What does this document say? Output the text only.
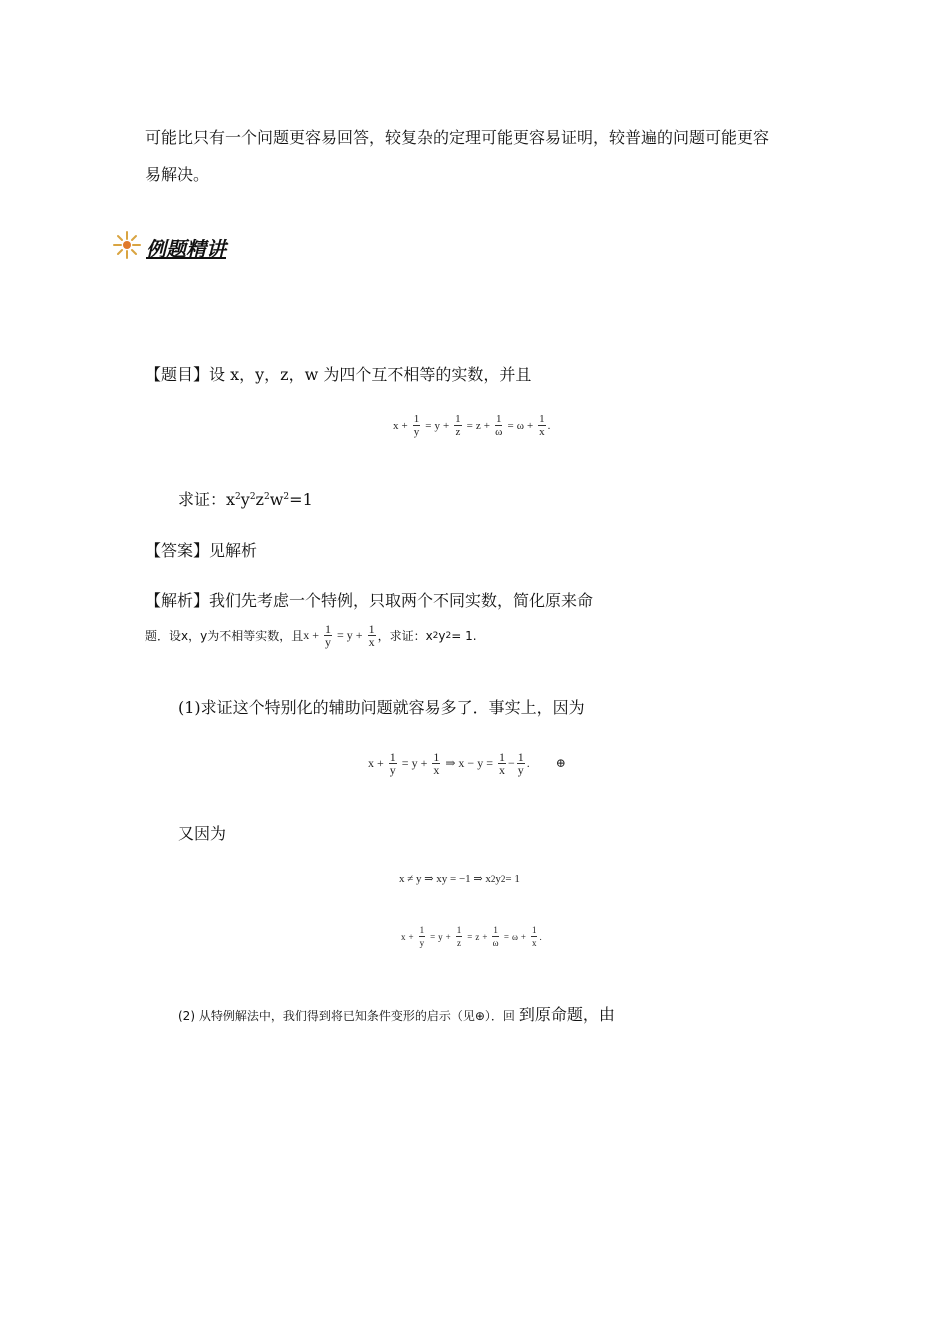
可能比只有一个问题更容易回答，较复杂的定理可能更容易证明，较普遍的问题可能更容
易解决。
例题精讲
【题目】设 x，y，z，w 为四个互不相等的实数，并且
$x + \frac{1}{y} = y + \frac{1}{z} = z + \frac{1}{\omega} = \omega + \frac{1}{x}$ .
求证：$x^2y^2z^2w^2=1$
【答案】见解析
【解析】我们先考虑一个特例，只取两个不同实数，简化原来命
题．设x，y为不相等实数，且 $x + \frac{1}{y} = y + \frac{1}{x}$ ，求证：x 2 y 2 = 1.
(1)求证这个特别化的辅助问题就容易多了．事实上，因为
$x + \frac{1}{y} = y + \frac{1}{x}$ ⇒ $x - y = \frac{1}{x} - \frac{1}{y}$ . ⊕
又因为
x ≠ y ⇒ xy = −1 ⇒ x 2 y 2 = 1
$x + \frac{1}{y} = y + \frac{1}{z} = z + \frac{1}{\omega} = \omega + \frac{1}{x}$ .
(2) 从特例解法中，我们得到将已知条件变形的启示（见⊕）．回 到原命题，由
